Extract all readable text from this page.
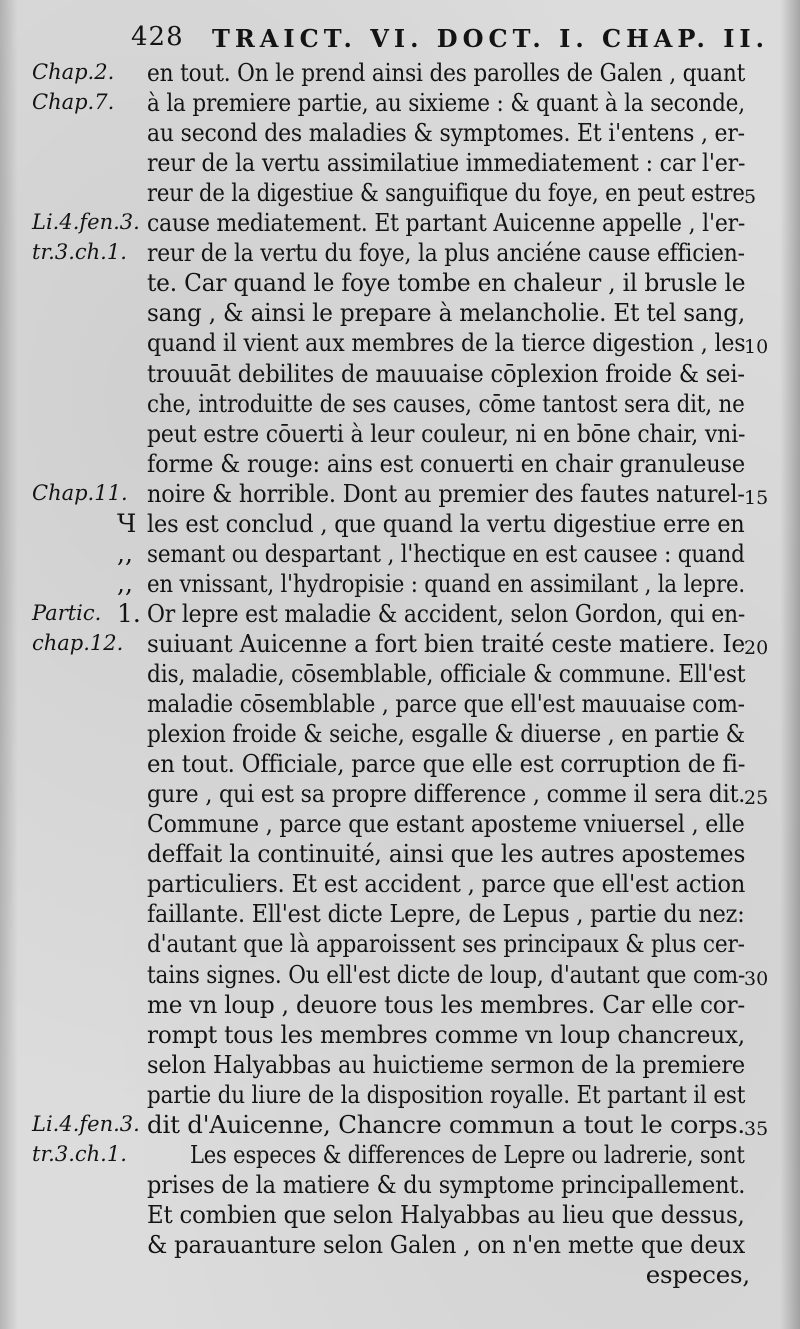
428 TRAICT. VI. DOCT. I. CHAP. II.
Chap.2. en tout. On le prend ainsi des parolles de Galen , quant
Chap.7. à la premiere partie, au sixieme : & quant à la seconde,
au second des maladies & symptomes. Et i'entens , er-
reur de la vertu assimilatiue immediatement : car l'er-
reur de la digestiue & sanguifique du foye, en peut estre 5
Li.4.fen.3. cause mediatement. Et partant Auicenne appelle , l'er-
tr.3.ch.1. reur de la vertu du foye, la plus anciéne cause efficien-
te. Car quand le foye tombe en chaleur , il brusle le
sang , & ainsi le prepare à melancholie. Et tel sang,
quand il vient aux membres de la tierce digestion , les
10
trouuāt debilites de mauuaise cōplexion froide & sei-
che, introduitte de ses causes, cōme tantost sera dit, ne
peut estre cōuerti à leur couleur, ni en bōne chair, vni-
forme & rouge: ains est conuerti en chair granuleuse
Chap.11. noire & horrible. Dont au premier des fautes naturel- 15
Ч les est conclud , que quand la vertu digestiue erre en
,, semant ou despartant , l'hectique en est causee : quand
,, en vnissant, l'hydropisie : quand en assimilant , la lepre.
Partic. 1. Or lepre est maladie & accident, selon Gordon, qui en-
chap.12. suiuant Auicenne a fort bien traité ceste matiere. Ie 20
dis, maladie, cōsemblable, officiale & commune. Ell'est
maladie cōsemblable , parce que ell'est mauuaise com-
plexion froide & seiche, esgalle & diuerse , en partie &
en tout. Officiale, parce que elle est corruption de fi-
gure , qui est sa propre difference , comme il sera dit.
25
Commune , parce que estant aposteme vniuersel , elle
deffait la continuité, ainsi que les autres apostemes
particuliers. Et est accident , parce que ell'est action
faillante. Ell'est dicte Lepre, de Lepus , partie du nez:
d'autant que là apparoissent ses principaux & plus cer-
tains signes. Ou ell'est dicte de loup, d'autant que com-
30
me vn loup , deuore tous les membres. Car elle cor-
rompt tous les membres comme vn loup chancreux,
selon Halyabbas au huictieme sermon de la premiere
partie du liure de la disposition royalle. Et partant il est
Li.4.fen.3. dit d'Auicenne, Chancre commun a tout le corps. 35
tr.3.ch.1.	Les especes & differences de Lepre ou ladrerie, sont
prises de la matiere & du symptome principallement.
Et combien que selon Halyabbas au lieu que dessus,
& parauanture selon Galen , on n'en mette que deux
especes,
